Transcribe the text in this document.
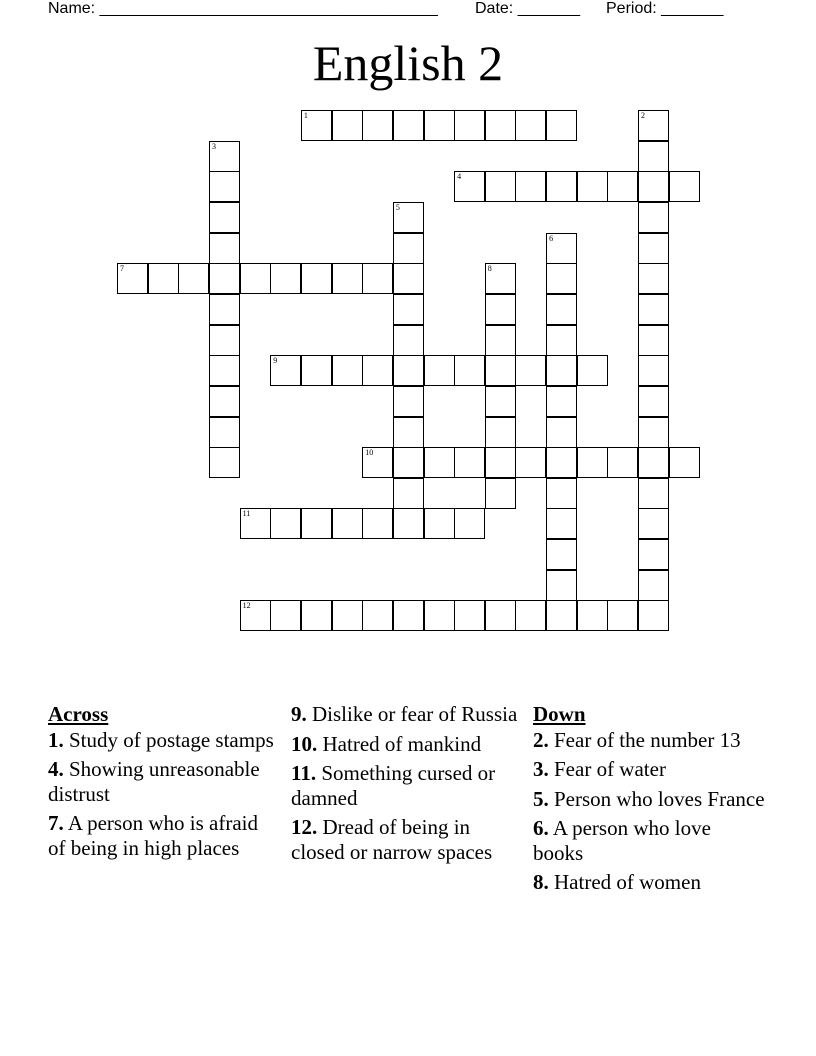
Name: ______________________________________

Date: _______

Period: _______

English 2
1	2
3
4
5
6
7	8
9
10
11
12
Across
1. Study of postage stamps
4. Showing unreasonable distrust
7. A person who is afraid of being in high places
9. Dislike or fear of Russia
10. Hatred of mankind
11. Something cursed or damned
12. Dread of being in closed or narrow spaces
Down
2. Fear of the number 13
3. Fear of water
5. Person who loves France
6. A person who love books
8. Hatred of women
